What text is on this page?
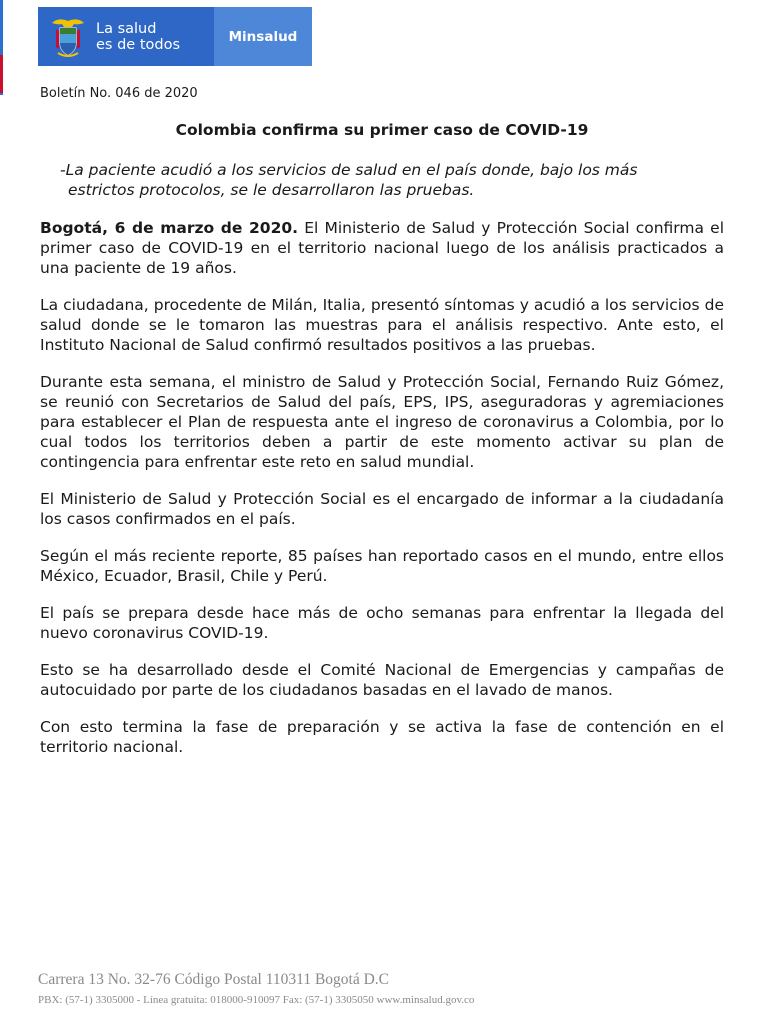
La salud
es de todos	Minsalud
Boletín No. 046 de 2020
Colombia confirma su primer caso de COVID-19
-La paciente acudió a los servicios de salud en el país donde, bajo los más
estrictos protocolos, se le desarrollaron las pruebas.

Bogotá, 6 de marzo de 2020. El Ministerio de Salud y Protección Social confirma el primer caso de COVID-19 en el territorio nacional luego de los análisis practicados a una paciente de 19 años.

La ciudadana, procedente de Milán, Italia, presentó síntomas y acudió a los servicios de salud donde se le tomaron las muestras para el análisis respectivo. Ante esto, el Instituto Nacional de Salud confirmó resultados positivos a las pruebas.

Durante esta semana, el ministro de Salud y Protección Social, Fernando Ruiz Gómez, se reunió con Secretarios de Salud del país, EPS, IPS, aseguradoras y agremiaciones para establecer el Plan de respuesta ante el ingreso de coronavirus a Colombia, por lo cual todos los territorios deben a partir de este momento activar su plan de contingencia para enfrentar este reto en salud mundial.

El Ministerio de Salud y Protección Social es el encargado de informar a la ciudadanía los casos confirmados en el país.

Según el más reciente reporte, 85 países han reportado casos en el mundo, entre ellos México, Ecuador, Brasil, Chile y Perú.

El país se prepara desde hace más de ocho semanas para enfrentar la llegada del nuevo coronavirus COVID-19.

Esto se ha desarrollado desde el Comité Nacional de Emergencias y campañas de autocuidado por parte de los ciudadanos basadas en el lavado de manos.

Con esto termina la fase de preparación y se activa la fase de contención en el territorio nacional.

Carrera 13 No. 32-76 Código Postal 110311 Bogotá D.C
PBX: (57-1) 3305000 - Línea gratuita: 018000-910097 Fax: (57-1) 3305050 www.minsalud.gov.co
